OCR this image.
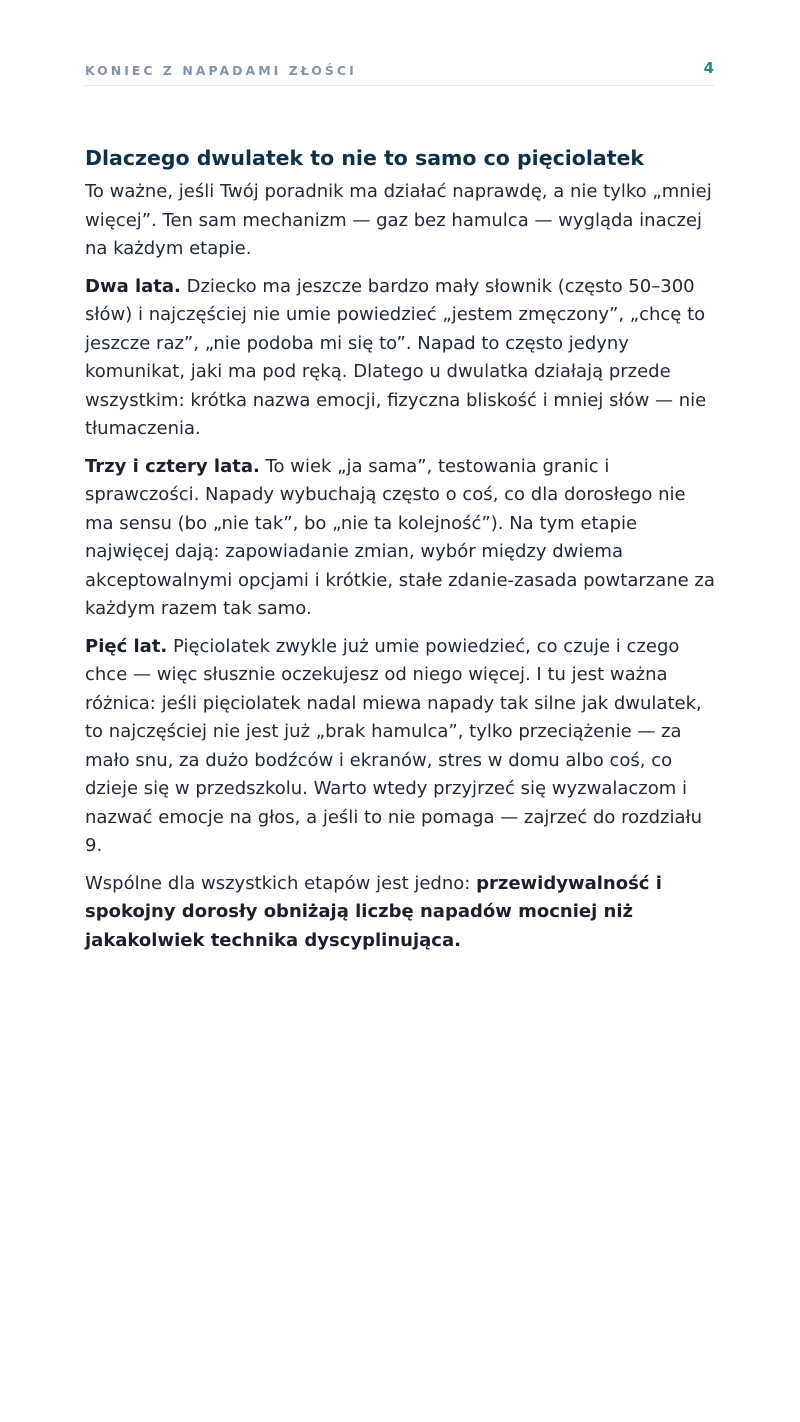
KONIEC Z NAPADAMI ZŁOŚCI	4
Dlaczego dwulatek to nie to samo co pięciolatek

To ważne, jeśli Twój poradnik ma działać naprawdę, a nie tylko „mniej więcej”. Ten sam mechanizm — gaz bez hamulca — wygląda inaczej na każdym etapie.

Dwa lata. Dziecko ma jeszcze bardzo mały słownik (często 50–300 słów) i najczęściej nie umie powiedzieć „jestem zmęczony”, „chcę to jeszcze raz”, „nie podoba mi się to”. Napad to często jedyny komunikat, jaki ma pod ręką. Dlatego u dwulatka działają przede wszystkim: krótka nazwa emocji, fizyczna bliskość i mniej słów — nie tłumaczenia.

Trzy i cztery lata. To wiek „ja sama”, testowania granic i sprawczości. Napady wybuchają często o coś, co dla dorosłego nie ma sensu (bo „nie tak”, bo „nie ta kolejność”). Na tym etapie najwięcej dają: zapowiadanie zmian, wybór między dwiema akceptowalnymi opcjami i krótkie, stałe zdanie-zasada powtarzane za każdym razem tak samo.

Pięć lat. Pięciolatek zwykle już umie powiedzieć, co czuje i czego chce — więc słusznie oczekujesz od niego więcej. I tu jest ważna różnica: jeśli pięciolatek nadal miewa napady tak silne jak dwulatek, to najczęściej nie jest już „brak hamulca”, tylko przeciążenie — za mało snu, za dużo bodźców i ekranów, stres w domu albo coś, co dzieje się w przedszkolu. Warto wtedy przyjrzeć się wyzwalaczom i nazwać emocje na głos, a jeśli to nie pomaga — zajrzeć do rozdziału 9.

Wspólne dla wszystkich etapów jest jedno: przewidywalność i spokojny dorosły obniżają liczbę napadów mocniej niż jakakolwiek technika dyscyplinująca.
